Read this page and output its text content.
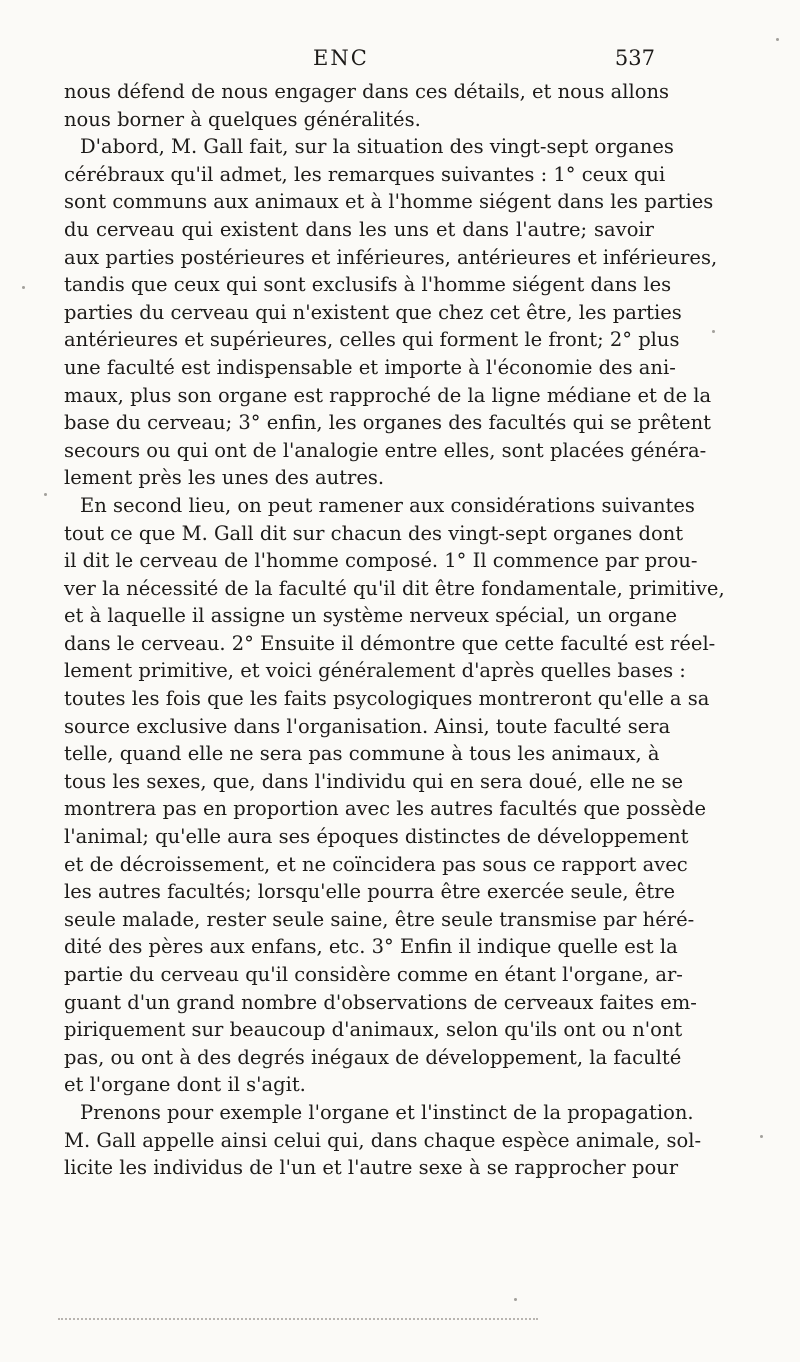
ENC	537
nous défend de nous engager dans ces détails, et nous allons
nous borner à quelques généralités.
D'abord, M. Gall fait, sur la situation des vingt-sept organes
cérébraux qu'il admet, les remarques suivantes : 1° ceux qui
sont communs aux animaux et à l'homme siégent dans les parties
du cerveau qui existent dans les uns et dans l'autre; savoir
aux parties postérieures et inférieures, antérieures et inférieures,
tandis que ceux qui sont exclusifs à l'homme siégent dans les
parties du cerveau qui n'existent que chez cet être, les parties
antérieures et supérieures, celles qui forment le front; 2° plus
une faculté est indispensable et importe à l'économie des ani-
maux, plus son organe est rapproché de la ligne médiane et de la
base du cerveau; 3° enfin, les organes des facultés qui se prêtent
secours ou qui ont de l'analogie entre elles, sont placées généra-
lement près les unes des autres.
En second lieu, on peut ramener aux considérations suivantes
tout ce que M. Gall dit sur chacun des vingt-sept organes dont
il dit le cerveau de l'homme composé. 1° Il commence par prou-
ver la nécessité de la faculté qu'il dit être fondamentale, primitive,
et à laquelle il assigne un système nerveux spécial, un organe
dans le cerveau. 2° Ensuite il démontre que cette faculté est réel-
lement primitive, et voici généralement d'après quelles bases :
toutes les fois que les faits psycologiques montreront qu'elle a sa
source exclusive dans l'organisation. Ainsi, toute faculté sera
telle, quand elle ne sera pas commune à tous les animaux, à
tous les sexes, que, dans l'individu qui en sera doué, elle ne se
montrera pas en proportion avec les autres facultés que possède
l'animal; qu'elle aura ses époques distinctes de développement
et de décroissement, et ne coïncidera pas sous ce rapport avec
les autres facultés; lorsqu'elle pourra être exercée seule, être
seule malade, rester seule saine, être seule transmise par héré-
dité des pères aux enfans, etc. 3° Enfin il indique quelle est la
partie du cerveau qu'il considère comme en étant l'organe, ar-
guant d'un grand nombre d'observations de cerveaux faites em-
piriquement sur beaucoup d'animaux, selon qu'ils ont ou n'ont
pas, ou ont à des degrés inégaux de développement, la faculté
et l'organe dont il s'agit.
Prenons pour exemple l'organe et l'instinct de la propagation.
M. Gall appelle ainsi celui qui, dans chaque espèce animale, sol-
licite les individus de l'un et l'autre sexe à se rapprocher pour
